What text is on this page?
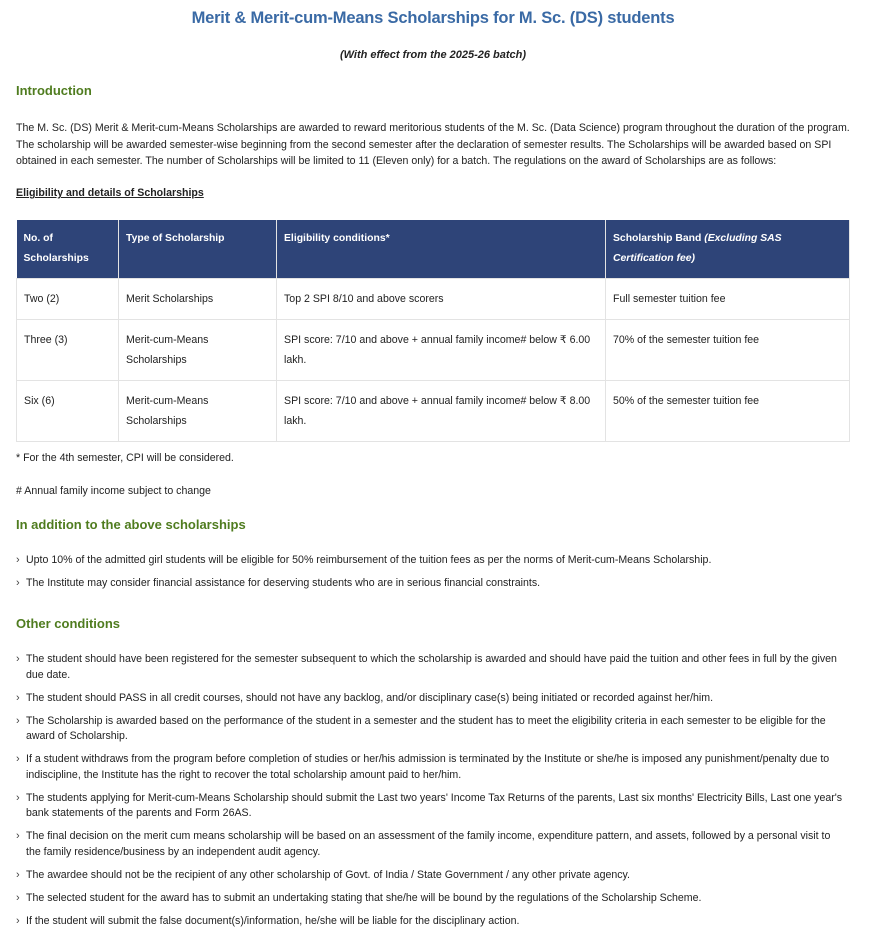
Merit & Merit-cum-Means Scholarships for M. Sc. (DS) students
(With effect from the 2025-26 batch)
Introduction

The M. Sc. (DS) Merit & Merit-cum-Means Scholarships are awarded to reward meritorious students of the M. Sc. (Data Science) program throughout the duration of the program. The scholarship will be awarded semester-wise beginning from the second semester after the declaration of semester results. The Scholarships will be awarded based on SPI obtained in each semester. The number of Scholarships will be limited to 11 (Eleven only) for a batch. The regulations on the award of Scholarships are as follows:

Eligibility and details of Scholarships
No. of Scholarships	Type of Scholarship	Eligibility conditions*	Scholarship Band (Excluding SAS Certification fee)
Two (2)	Merit Scholarships	Top 2 SPI 8/10 and above scorers	Full semester tuition fee
Three (3)	Merit-cum-Means Scholarships	SPI score: 7/10 and above + annual family income# below ₹ 6.00 lakh.	70% of the semester tuition fee
Six (6)	Merit-cum-Means Scholarships	SPI score: 7/10 and above + annual family income# below ₹ 8.00 lakh.	50% of the semester tuition fee
* For the 4th semester, CPI will be considered.
# Annual family income subject to change
In addition to the above scholarships
› Upto 10% of the admitted girl students will be eligible for 50% reimbursement of the tuition fees as per the norms of Merit-cum-Means Scholarship.
› The Institute may consider financial assistance for deserving students who are in serious financial constraints.
Other conditions
› The student should have been registered for the semester subsequent to which the scholarship is awarded and should have paid the tuition and other fees in full by the given due date.
› The student should PASS in all credit courses, should not have any backlog, and/or disciplinary case(s) being initiated or recorded against her/him.
› The Scholarship is awarded based on the performance of the student in a semester and the student has to meet the eligibility criteria in each semester to be eligible for the award of Scholarship.
› If a student withdraws from the program before completion of studies or her/his admission is terminated by the Institute or she/he is imposed any punishment/penalty due to indiscipline, the Institute has the right to recover the total scholarship amount paid to her/him.
› The students applying for Merit-cum-Means Scholarship should submit the Last two years' Income Tax Returns of the parents, Last six months' Electricity Bills, Last one year's bank statements of the parents and Form 26AS.
› The final decision on the merit cum means scholarship will be based on an assessment of the family income, expenditure pattern, and assets, followed by a personal visit to the family residence/business by an independent audit agency.
› The awardee should not be the recipient of any other scholarship of Govt. of India / State Government / any other private agency.
› The selected student for the award has to submit an undertaking stating that she/he will be bound by the regulations of the Scholarship Scheme.
› If the student will submit the false document(s)/information, he/she will be liable for the disciplinary action.
